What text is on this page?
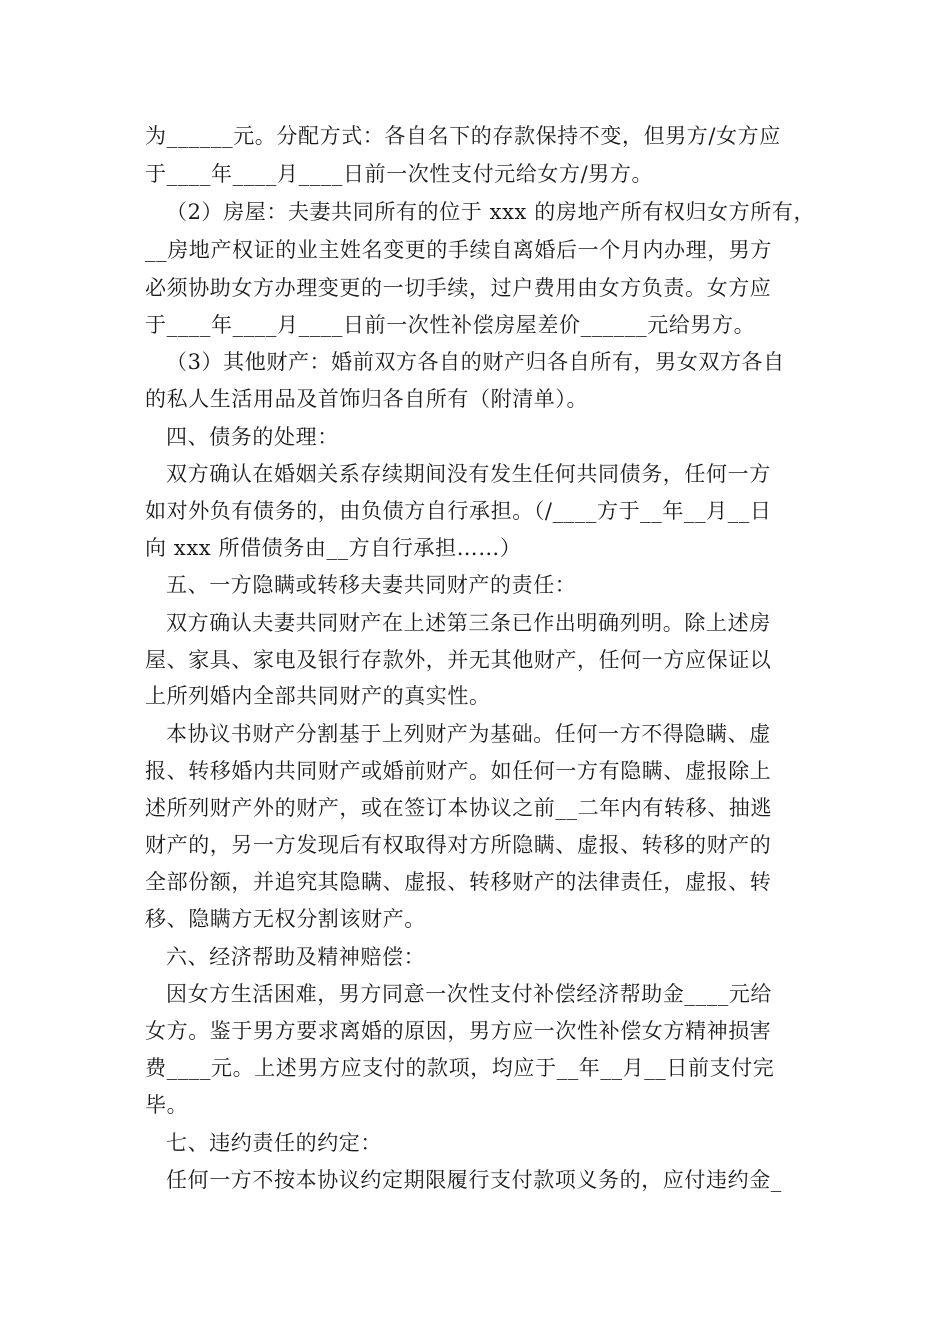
为______元。分配方式：各自名下的存款保持不变，但男方/女方应
于____年____月____日前一次性支付元给女方/男方。
（2）房屋：夫妻共同所有的位于 xxx 的房地产所有权归女方所有，
__房地产权证的业主姓名变更的手续自离婚后一个月内办理，男方
必须协助女方办理变更的一切手续，过户费用由女方负责。女方应
于____年____月____日前一次性补偿房屋差价______元给男方。
（3）其他财产：婚前双方各自的财产归各自所有，男女双方各自
的私人生活用品及首饰归各自所有（附清单）。
四、债务的处理：
双方确认在婚姻关系存续期间没有发生任何共同债务，任何一方
如对外负有债务的，由负债方自行承担。（/____方于__年__月__日
向 xxx 所借债务由__方自行承担……）
五、一方隐瞒或转移夫妻共同财产的责任：
双方确认夫妻共同财产在上述第三条已作出明确列明。除上述房
屋、家具、家电及银行存款外，并无其他财产，任何一方应保证以
上所列婚内全部共同财产的真实性。
本协议书财产分割基于上列财产为基础。任何一方不得隐瞒、虚
报、转移婚内共同财产或婚前财产。如任何一方有隐瞒、虚报除上
述所列财产外的财产，或在签订本协议之前__二年内有转移、抽逃
财产的，另一方发现后有权取得对方所隐瞒、虚报、转移的财产的
全部份额，并追究其隐瞒、虚报、转移财产的法律责任，虚报、转
移、隐瞒方无权分割该财产。
六、经济帮助及精神赔偿：
因女方生活困难，男方同意一次性支付补偿经济帮助金____元给
女方。鉴于男方要求离婚的原因，男方应一次性补偿女方精神损害
费____元。上述男方应支付的款项，均应于__年__月__日前支付完
毕。
七、违约责任的约定：
任何一方不按本协议约定期限履行支付款项义务的，应付违约金_
